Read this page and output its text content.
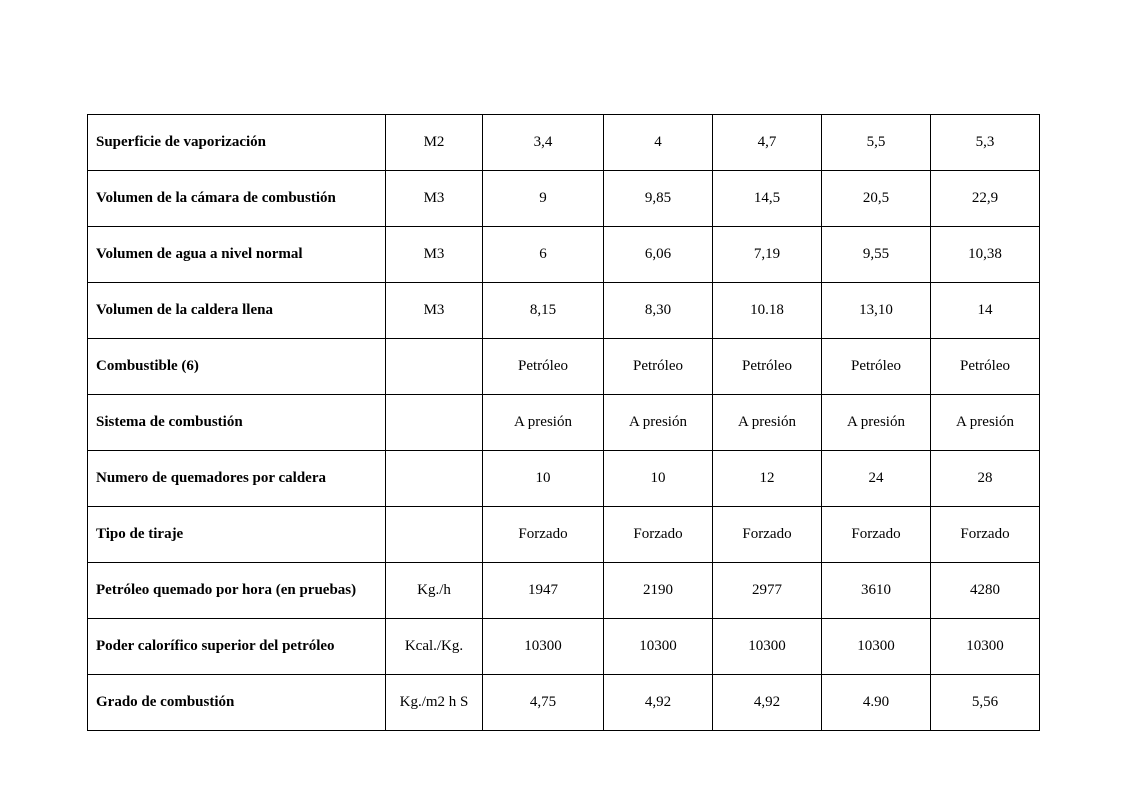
Superficie de vaporización	M2	3,4	4	4,7	5,5	5,3
Volumen de la cámara de combustión	M3	9	9,85	14,5	20,5	22,9
Volumen de agua a nivel normal	M3	6	6,06	7,19	9,55	10,38
Volumen de la caldera llena	M3	8,15	8,30	10.18	13,10	14
Combustible (6)		Petróleo	Petróleo	Petróleo	Petróleo	Petróleo
Sistema de combustión		A presión	A presión	A presión	A presión	A presión
Numero de quemadores por caldera		10	10	12	24	28
Tipo de tiraje		Forzado	Forzado	Forzado	Forzado	Forzado
Petróleo quemado por hora (en pruebas)	Kg./h	1947	2190	2977	3610	4280
Poder calorífico superior del petróleo	Kcal./Kg.	10300	10300	10300	10300	10300
Grado de combustión	Kg./m2 h S	4,75	4,92	4,92	4.90	5,56
